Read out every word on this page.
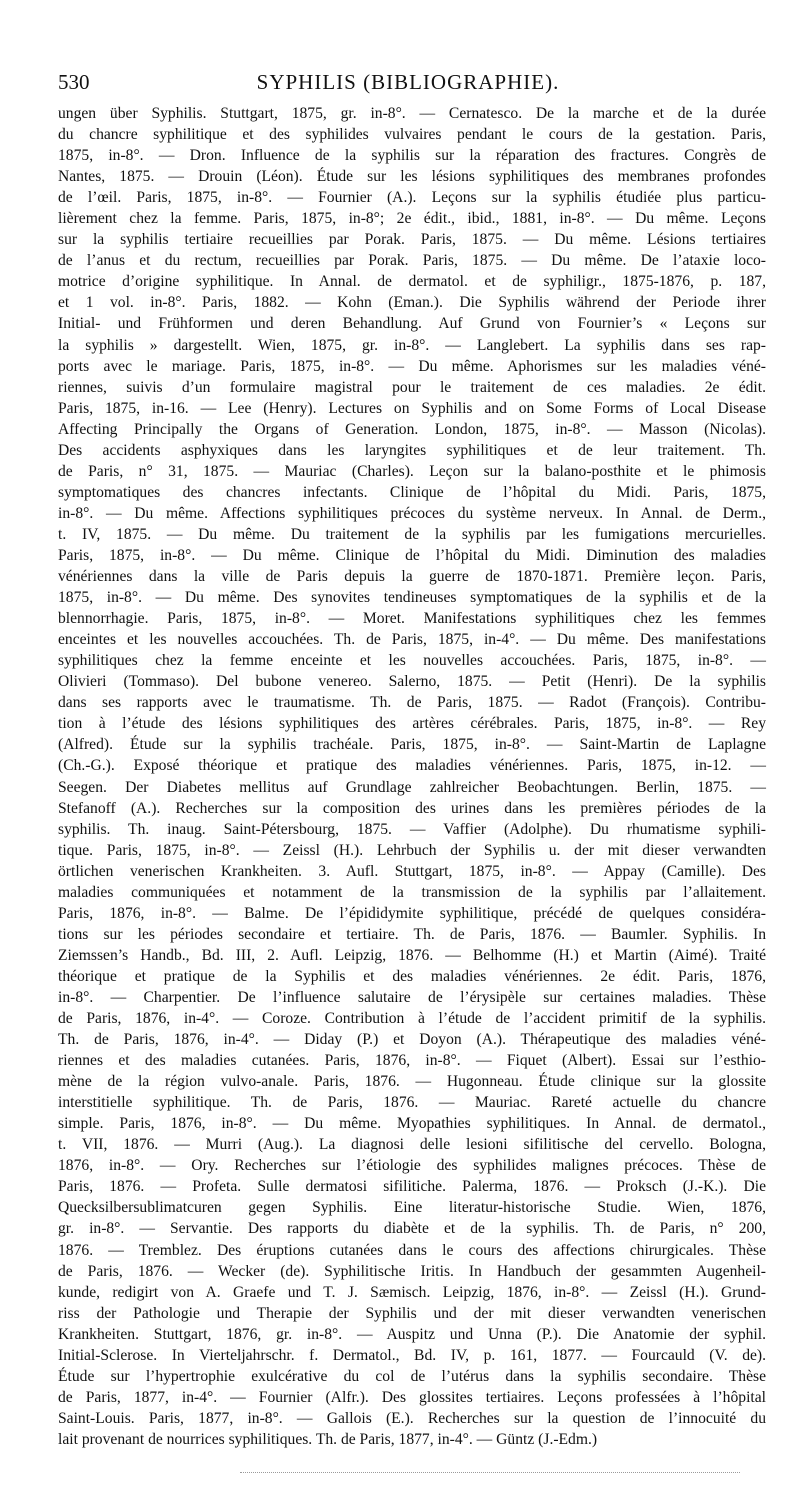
530	SYPHILIS (BIBLIOGRAPHIE).
ungen über Syphilis. Stuttgart, 1875, gr. in-8°. — Cernatesco. De la marche et de la durée
du chancre syphilitique et des syphilides vulvaires pendant le cours de la gestation. Paris,
1875, in-8°. — Dron. Influence de la syphilis sur la réparation des fractures. Congrès de
Nantes, 1875. — Drouin (Léon). Étude sur les lésions syphilitiques des membranes profondes
de l’œil. Paris, 1875, in-8°. — Fournier (A.). Leçons sur la syphilis étudiée plus particu-
lièrement chez la femme. Paris, 1875, in-8°; 2e édit., ibid., 1881, in-8°. — Du même. Leçons
sur la syphilis tertiaire recueillies par Porak. Paris, 1875. — Du même. Lésions tertiaires
de l’anus et du rectum, recueillies par Porak. Paris, 1875. — Du même. De l’ataxie loco-
motrice d’origine syphilitique. In Annal. de dermatol. et de syphiligr., 1875-1876, p. 187,
et 1 vol. in-8°. Paris, 1882. — Kohn (Eman.). Die Syphilis während der Periode ihrer
Initial- und Frühformen und deren Behandlung. Auf Grund von Fournier’s « Leçons sur
la syphilis » dargestellt. Wien, 1875, gr. in-8°. — Langlebert. La syphilis dans ses rap-
ports avec le mariage. Paris, 1875, in-8°. — Du même. Aphorismes sur les maladies véné-
riennes, suivis d’un formulaire magistral pour le traitement de ces maladies. 2e édit.
Paris, 1875, in-16. — Lee (Henry). Lectures on Syphilis and on Some Forms of Local Disease
Affecting Principally the Organs of Generation. London, 1875, in-8°. — Masson (Nicolas).
Des accidents asphyxiques dans les laryngites syphilitiques et de leur traitement. Th.
de Paris, n° 31, 1875. — Mauriac (Charles). Leçon sur la balano-posthite et le phimosis
symptomatiques des chancres infectants. Clinique de l’hôpital du Midi. Paris, 1875,
in-8°. — Du même. Affections syphilitiques précoces du système nerveux. In Annal. de Derm.,
t. IV, 1875. — Du même. Du traitement de la syphilis par les fumigations mercurielles.
Paris, 1875, in-8°. — Du même. Clinique de l’hôpital du Midi. Diminution des maladies
vénériennes dans la ville de Paris depuis la guerre de 1870-1871. Première leçon. Paris,
1875, in-8°. — Du même. Des synovites tendineuses symptomatiques de la syphilis et de la
blennorrhagie. Paris, 1875, in-8°. — Moret. Manifestations syphilitiques chez les femmes
enceintes et les nouvelles accouchées. Th. de Paris, 1875, in-4°. — Du même. Des manifestations
syphilitiques chez la femme enceinte et les nouvelles accouchées. Paris, 1875, in-8°. —
Olivieri (Tommaso). Del bubone venereo. Salerno, 1875. — Petit (Henri). De la syphilis
dans ses rapports avec le traumatisme. Th. de Paris, 1875. — Radot (François). Contribu-
tion à l’étude des lésions syphilitiques des artères cérébrales. Paris, 1875, in-8°. — Rey
(Alfred). Étude sur la syphilis trachéale. Paris, 1875, in-8°. — Saint-Martin de Laplagne
(Ch.-G.). Exposé théorique et pratique des maladies vénériennes. Paris, 1875, in-12. —
Seegen. Der Diabetes mellitus auf Grundlage zahlreicher Beobachtungen. Berlin, 1875. —
Stefanoff (A.). Recherches sur la composition des urines dans les premières périodes de la
syphilis. Th. inaug. Saint-Pétersbourg, 1875. — Vaffier (Adolphe). Du rhumatisme syphili-
tique. Paris, 1875, in-8°. — Zeissl (H.). Lehrbuch der Syphilis u. der mit dieser verwandten
örtlichen venerischen Krankheiten. 3. Aufl. Stuttgart, 1875, in-8°. — Appay (Camille). Des
maladies communiquées et notamment de la transmission de la syphilis par l’allaitement.
Paris, 1876, in-8°. — Balme. De l’épididymite syphilitique, précédé de quelques considéra-
tions sur les périodes secondaire et tertiaire. Th. de Paris, 1876. — Baumler. Syphilis. In
Ziemssen’s Handb., Bd. III, 2. Aufl. Leipzig, 1876. — Belhomme (H.) et Martin (Aimé). Traité
théorique et pratique de la Syphilis et des maladies vénériennes. 2e édit. Paris, 1876,
in-8°. — Charpentier. De l’influence salutaire de l’érysipèle sur certaines maladies. Thèse
de Paris, 1876, in-4°. — Coroze. Contribution à l’étude de l’accident primitif de la syphilis.
Th. de Paris, 1876, in-4°. — Diday (P.) et Doyon (A.). Thérapeutique des maladies véné-
riennes et des maladies cutanées. Paris, 1876, in-8°. — Fiquet (Albert). Essai sur l’esthio-
mène de la région vulvo-anale. Paris, 1876. — Hugonneau. Étude clinique sur la glossite
interstitielle syphilitique. Th. de Paris, 1876. — Mauriac. Rareté actuelle du chancre
simple. Paris, 1876, in-8°. — Du même. Myopathies syphilitiques. In Annal. de dermatol.,
t. VII, 1876. — Murri (Aug.). La diagnosi delle lesioni sifilitische del cervello. Bologna,
1876, in-8°. — Ory. Recherches sur l’étiologie des syphilides malignes précoces. Thèse de
Paris, 1876. — Profeta. Sulle dermatosi sifilitiche. Palerma, 1876. — Proksch (J.-K.). Die
Quecksilbersublimatcuren gegen Syphilis. Eine literatur-historische Studie. Wien, 1876,
gr. in-8°. — Servantie. Des rapports du diabète et de la syphilis. Th. de Paris, n° 200,
1876. — Tremblez. Des éruptions cutanées dans le cours des affections chirurgicales. Thèse
de Paris, 1876. — Wecker (de). Syphilitische Iritis. In Handbuch der gesammten Augenheil-
kunde, redigirt von A. Graefe und T. J. Sæmisch. Leipzig, 1876, in-8°. — Zeissl (H.). Grund-
riss der Pathologie und Therapie der Syphilis und der mit dieser verwandten venerischen
Krankheiten. Stuttgart, 1876, gr. in-8°. — Auspitz und Unna (P.). Die Anatomie der syphil.
Initial-Sclerose. In Vierteljahrschr. f. Dermatol., Bd. IV, p. 161, 1877. — Fourcauld (V. de).
Étude sur l’hypertrophie exulcérative du col de l’utérus dans la syphilis secondaire. Thèse
de Paris, 1877, in-4°. — Fournier (Alfr.). Des glossites tertiaires. Leçons professées à l’hôpital
Saint-Louis. Paris, 1877, in-8°. — Gallois (E.). Recherches sur la question de l’innocuité du
lait provenant de nourrices syphilitiques. Th. de Paris, 1877, in-4°. — Güntz (J.-Edm.)
